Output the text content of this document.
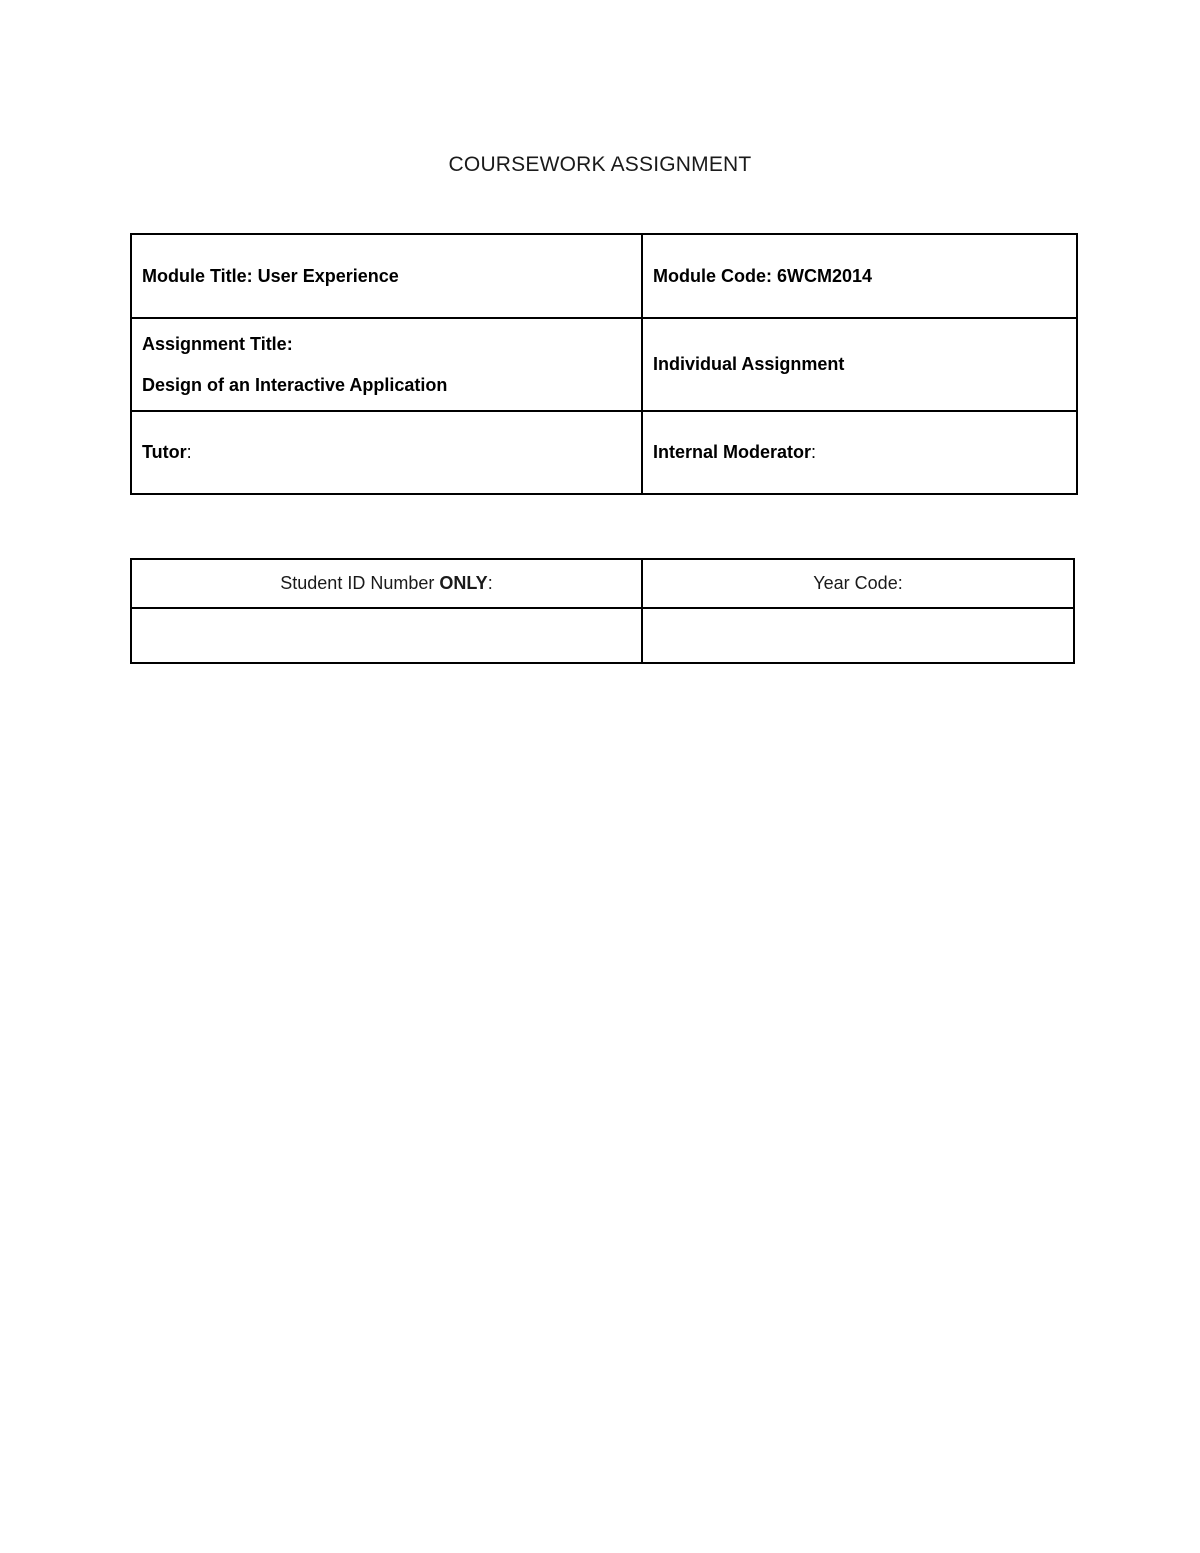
COURSEWORK ASSIGNMENT
Module Title: User Experience	Module Code: 6WCM2014
Assignment Title:
Design of an Interactive Application	Individual Assignment
Tutor:	Internal Moderator:
Student ID Number ONLY:	Year Code:
